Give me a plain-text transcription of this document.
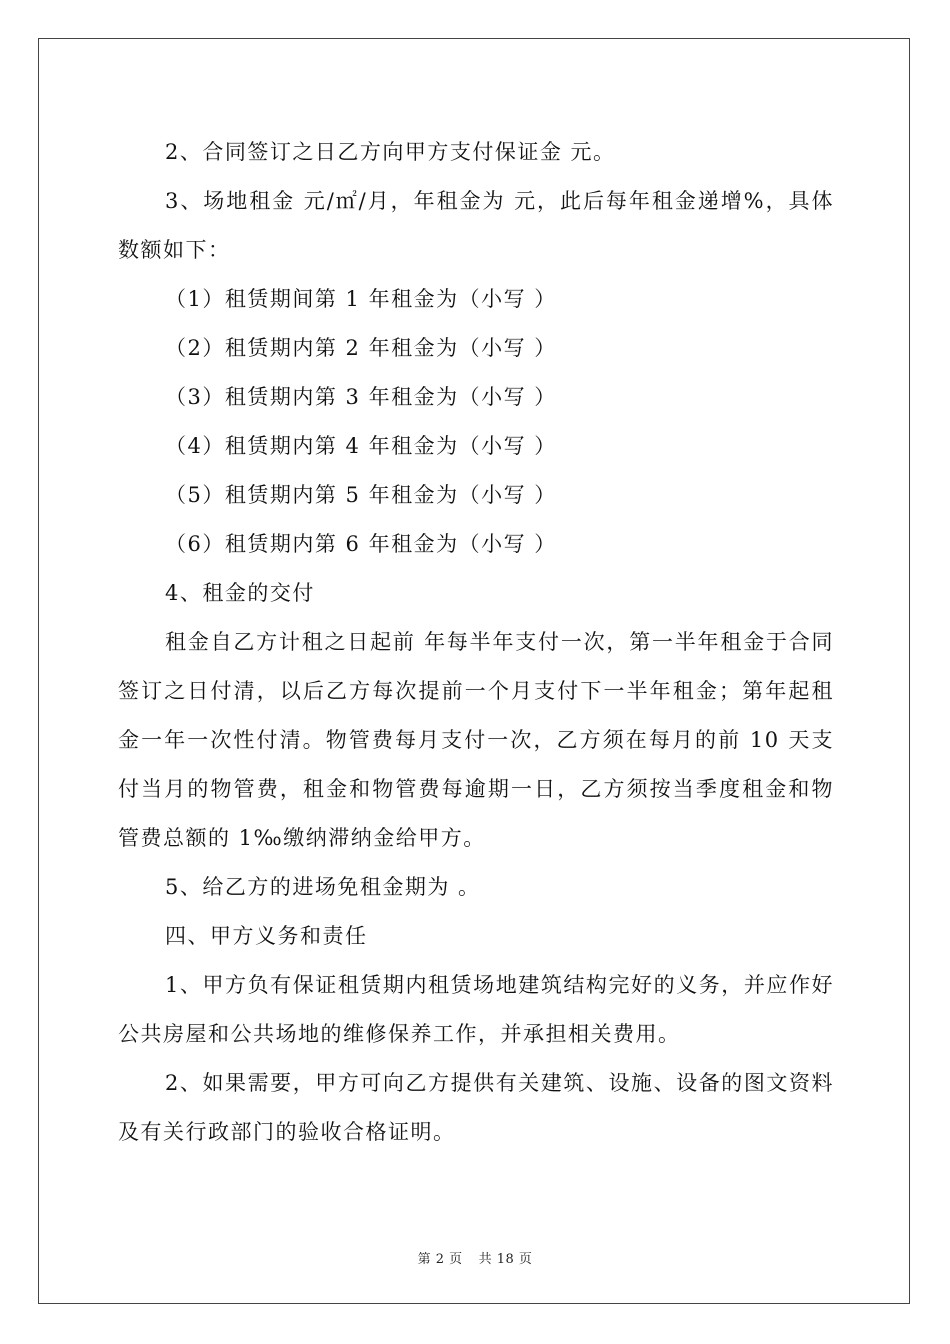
2、合同签订之日乙方向甲方支付保证金 元。

3、场地租金 元/㎡/月，年租金为 元，此后每年租金递增%，具体数额如下：

（1）租赁期间第 1 年租金为（小写 ）

（2）租赁期内第 2 年租金为（小写 ）

（3）租赁期内第 3 年租金为（小写 ）

（4）租赁期内第 4 年租金为（小写 ）

（5）租赁期内第 5 年租金为（小写 ）

（6）租赁期内第 6 年租金为（小写 ）

4、租金的交付

租金自乙方计租之日起前 年每半年支付一次，第一半年租金于合同签订之日付清，以后乙方每次提前一个月支付下一半年租金；第年起租金一年一次性付清。物管费每月支付一次，乙方须在每月的前 10 天支付当月的物管费，租金和物管费每逾期一日，乙方须按当季度租金和物管费总额的 1‰缴纳滞纳金给甲方。

5、给乙方的进场免租金期为 。

四、甲方义务和责任

1、甲方负有保证租赁期内租赁场地建筑结构完好的义务，并应作好公共房屋和公共场地的维修保养工作，并承担相关费用。

2、如果需要，甲方可向乙方提供有关建筑、设施、设备的图文资料及有关行政部门的验收合格证明。

第 2 页 共 18 页
